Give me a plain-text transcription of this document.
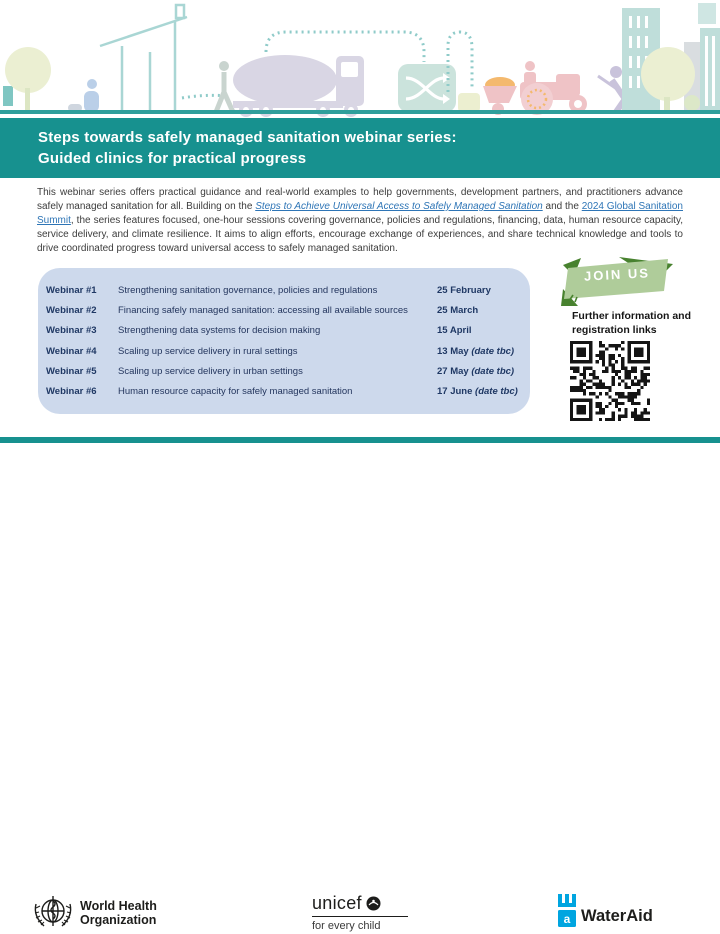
Steps towards safely managed sanitation webinar series:
Guided clinics for practical progress
This webinar series offers practical guidance and real-world examples to help governments, development partners, and practitioners advance safely managed sanitation for all. Building on the Steps to Achieve Universal Access to Safely Managed Sanitation and the 2024 Global Sanitation Summit, the series features focused, one-hour sessions covering governance, policies and regulations, financing, data, human resource capacity, service delivery, and climate resilience. It aims to align efforts, encourage exchange of experiences, and share technical knowledge and tools to drive coordinated progress toward universal access to safely managed sanitation.
Webinar #1	Strengthening sanitation governance, policies and regulations	25 February
Webinar #2	Financing safely managed sanitation: accessing all available sources	25 March
Webinar #3	Strengthening data systems for decision making	15 April
Webinar #4	Scaling up service delivery in rural settings	13 May (date tbc)
Webinar #5	Scaling up service delivery in urban settings	27 May (date tbc)
Webinar #6	Human resource capacity for safely managed sanitation	17 June (date tbc)
JOIN US
Further information and registration links
World Health
Organization
unicef
for every child	a WaterAid
